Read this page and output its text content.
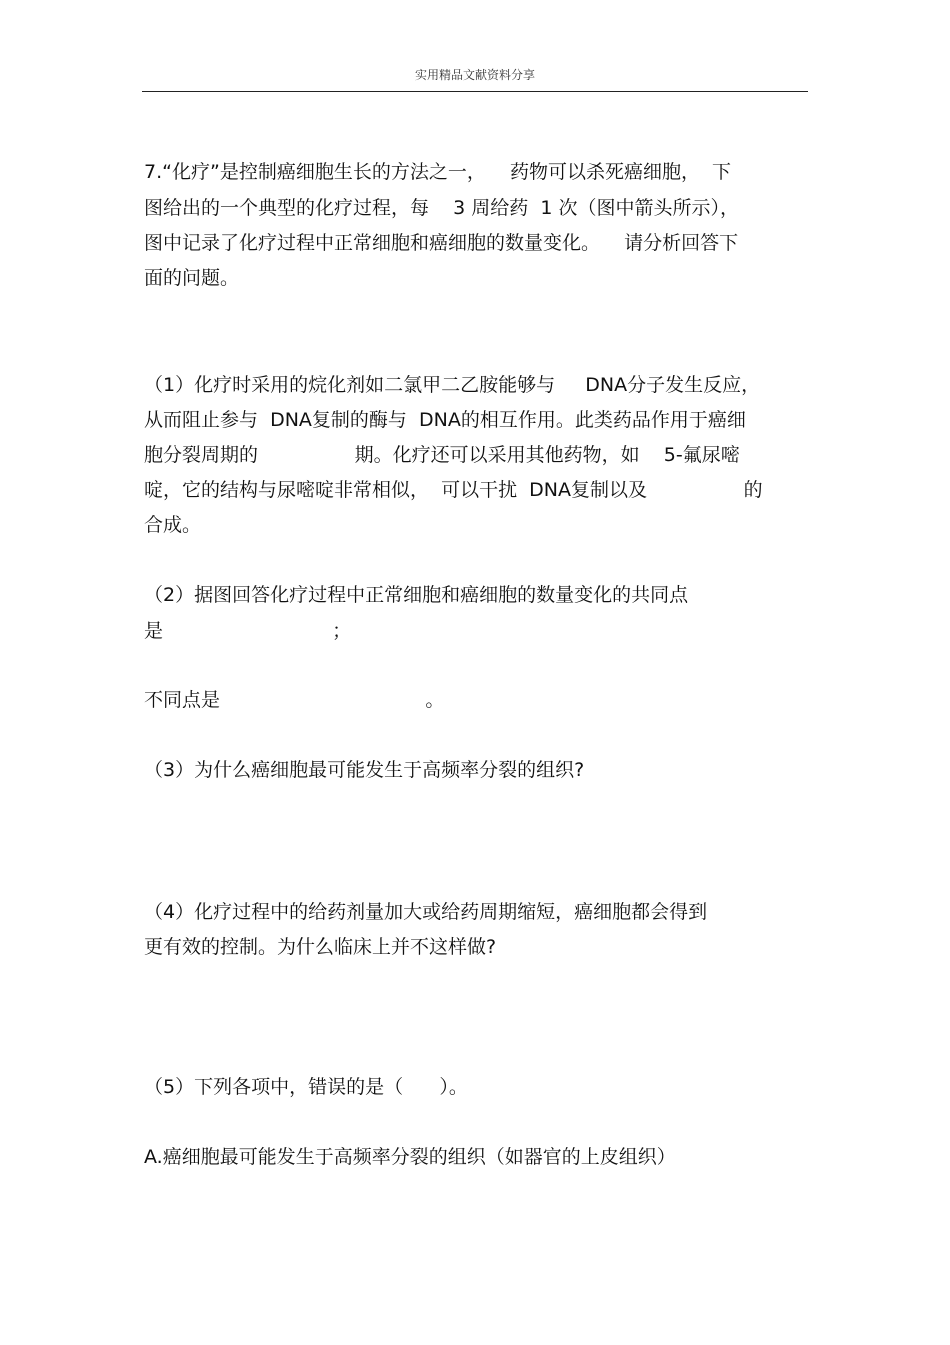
实用精品文献资料分享
7.“化疗”是控制癌细胞生长的方法之一，    药物可以杀死癌细胞，  下
图给出的一个典型的化疗过程，每    3 周给药  1 次（图中箭头所示），
图中记录了化疗过程中正常细胞和癌细胞的数量变化。    请分析回答下
面的问题。
（1）化疗时采用的烷化剂如二氯甲二乙胺能够与     DNA分子发生反应，
从而阻止参与  DNA复制的酶与  DNA的相互作用。此类药品作用于癌细
胞分裂周期的                期。化疗还可以采用其他药物，如    5-氟尿嘧
啶，它的结构与尿嘧啶非常相似，  可以干扰  DNA复制以及                的
合成。
（2）据图回答化疗过程中正常细胞和癌细胞的数量变化的共同点
是                            ；
不同点是                                  。
（3）为什么癌细胞最可能发生于高频率分裂的组织?
（4）化疗过程中的给药剂量加大或给药周期缩短，癌细胞都会得到
更有效的控制。为什么临床上并不这样做?
（5）下列各项中，错误的是（      ）。
A.癌细胞最可能发生于高频率分裂的组织（如器官的上皮组织）
